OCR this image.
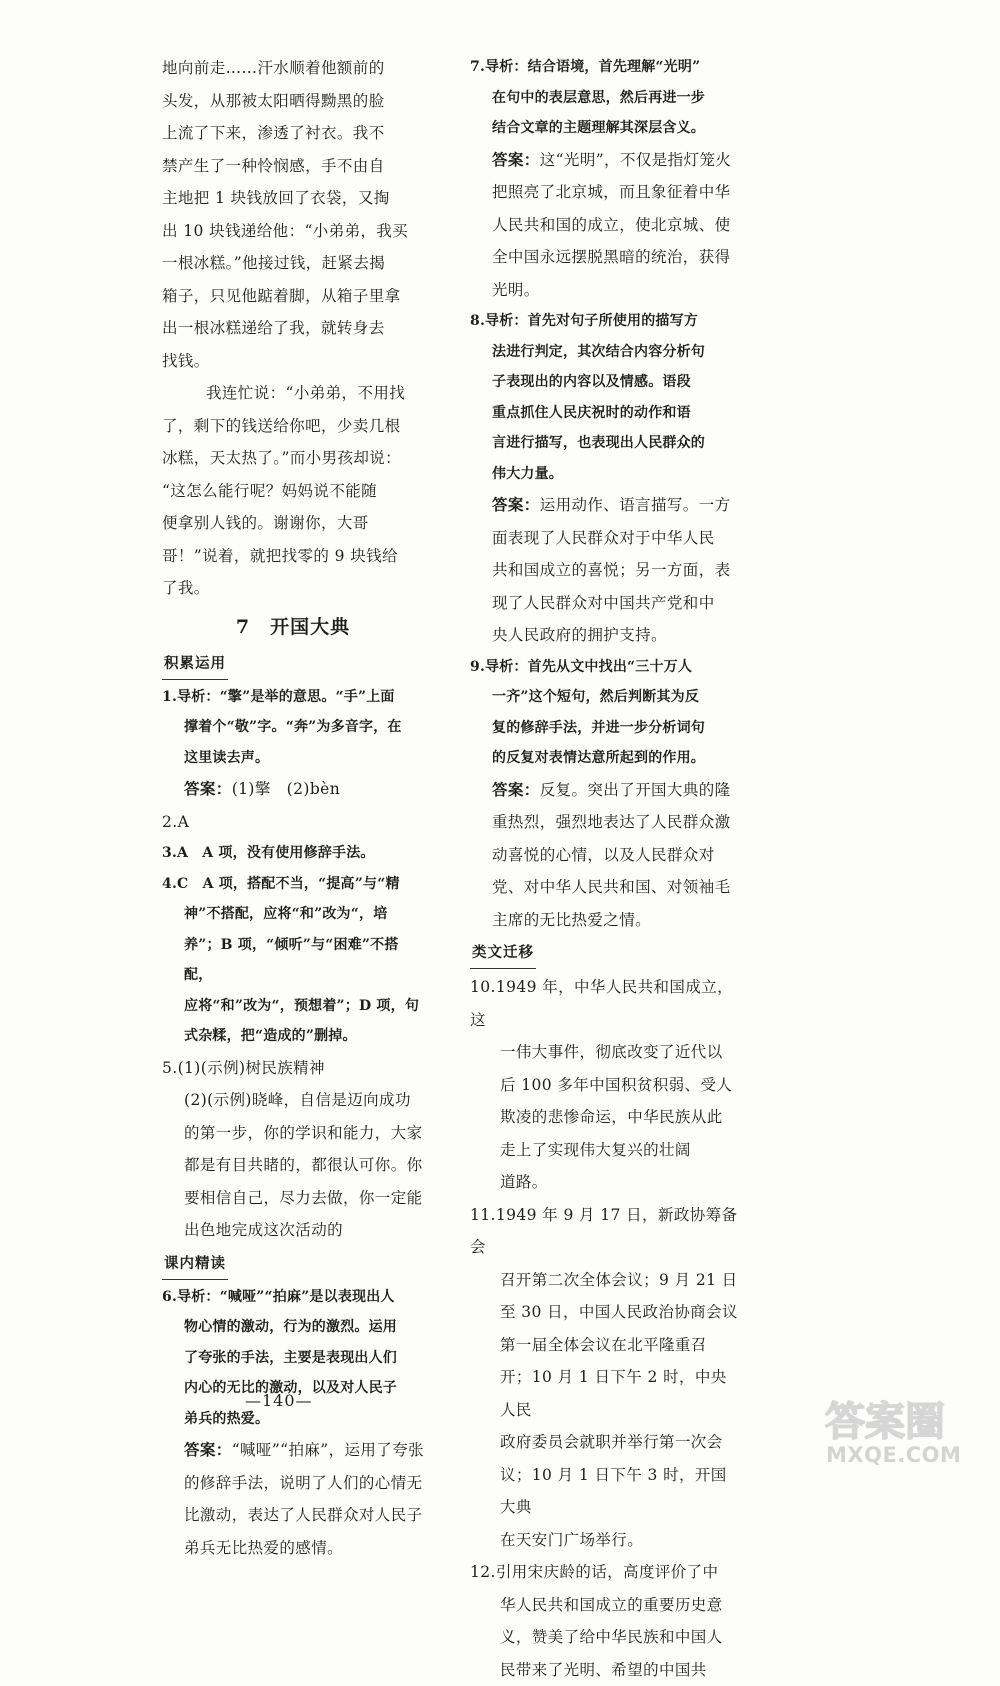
地向前走……汗水顺着他额前的

头发，从那被太阳晒得黝黑的脸

上流了下来，渗透了衬衣。我不

禁产生了一种怜悯感，手不由自

主地把 1 块钱放回了衣袋，又掏

出 10 块钱递给他：“小弟弟，我买

一根冰糕。”他接过钱，赶紧去揭

箱子，只见他踮着脚，从箱子里拿

出一根冰糕递给了我，就转身去

找钱。

我连忙说：“小弟弟，不用找

了，剩下的钱送给你吧，少卖几根

冰糕，天太热了。”而小男孩却说：

“这怎么能行呢？妈妈说不能随

便拿别人钱的。谢谢你，大哥

哥！”说着，就把找零的 9 块钱给

了我。

7　开国大典
积累运用

1.导析：“擎”是举的意思。“手”上面

撑着个“敬”字。“奔”为多音字，在

这里读去声。

答案：(1)擎　(2)bèn

2.A

3.A　 A 项，没有使用修辞手法。

4.C　 A 项，搭配不当，“提高”与“精

神”不搭配，应将“和”改为“，培

养”；B 项，“倾听”与“困难”不搭配，

应将“和”改为“，预想着”；D 项，句

式杂糅，把“造成的”删掉。

5.(1)(示例)树民族精神

(2)(示例)晓峰，自信是迈向成功

的第一步，你的学识和能力，大家

都是有目共睹的，都很认可你。你

要相信自己，尽力去做，你一定能

出色地完成这次活动的

课内精读

6.导析：“喊哑”“拍麻”是以表现出人

物心情的激动，行为的激烈。运用

了夸张的手法，主要是表现出人们

内心的无比的激动，以及对人民子

弟兵的热爱。

答案：“喊哑”“拍麻”，运用了夸张

的修辞手法，说明了人们的心情无

比激动，表达了人民群众对人民子

弟兵无比热爱的感情。

7.导析：结合语境，首先理解“光明”

在句中的表层意思，然后再进一步

结合文章的主题理解其深层含义。

答案：这“光明”，不仅是指灯笼火

把照亮了北京城，而且象征着中华

人民共和国的成立，使北京城、使

全中国永远摆脱黑暗的统治，获得

光明。

8.导析：首先对句子所使用的描写方

法进行判定，其次结合内容分析句

子表现出的内容以及情感。语段

重点抓住人民庆祝时的动作和语

言进行描写，也表现出人民群众的

伟大力量。

答案：运用动作、语言描写。一方

面表现了人民群众对于中华人民

共和国成立的喜悦；另一方面，表

现了人民群众对中国共产党和中

央人民政府的拥护支持。

9.导析：首先从文中找出“三十万人

一齐”这个短句，然后判断其为反

复的修辞手法，并进一步分析词句

的反复对表情达意所起到的作用。

答案：反复。突出了开国大典的隆

重热烈，强烈地表达了人民群众激

动喜悦的心情，以及人民群众对

党、对中华人民共和国、对领袖毛

主席的无比热爱之情。

类文迁移

10.1949 年，中华人民共和国成立，这

一伟大事件，彻底改变了近代以

后 100 多年中国积贫积弱、受人

欺凌的悲惨命运，中华民族从此

走上了实现伟大复兴的壮阔

道路。

11.1949 年 9 月 17 日，新政协筹备会

召开第二次全体会议；9 月 21 日

至 30 日，中国人民政治协商会议

第一届全体会议在北平隆重召

开；10 月 1 日下午 2 时，中央人民

政府委员会就职并举行第一次会

议；10 月 1 日下午 3 时，开国大典

在天安门广场举行。

12.引用宋庆龄的话，高度评价了中

华人民共和国成立的重要历史意

义，赞美了给中华民族和中国人

民带来了光明、希望的中国共

—140—	答案圈
MXQE.COM
